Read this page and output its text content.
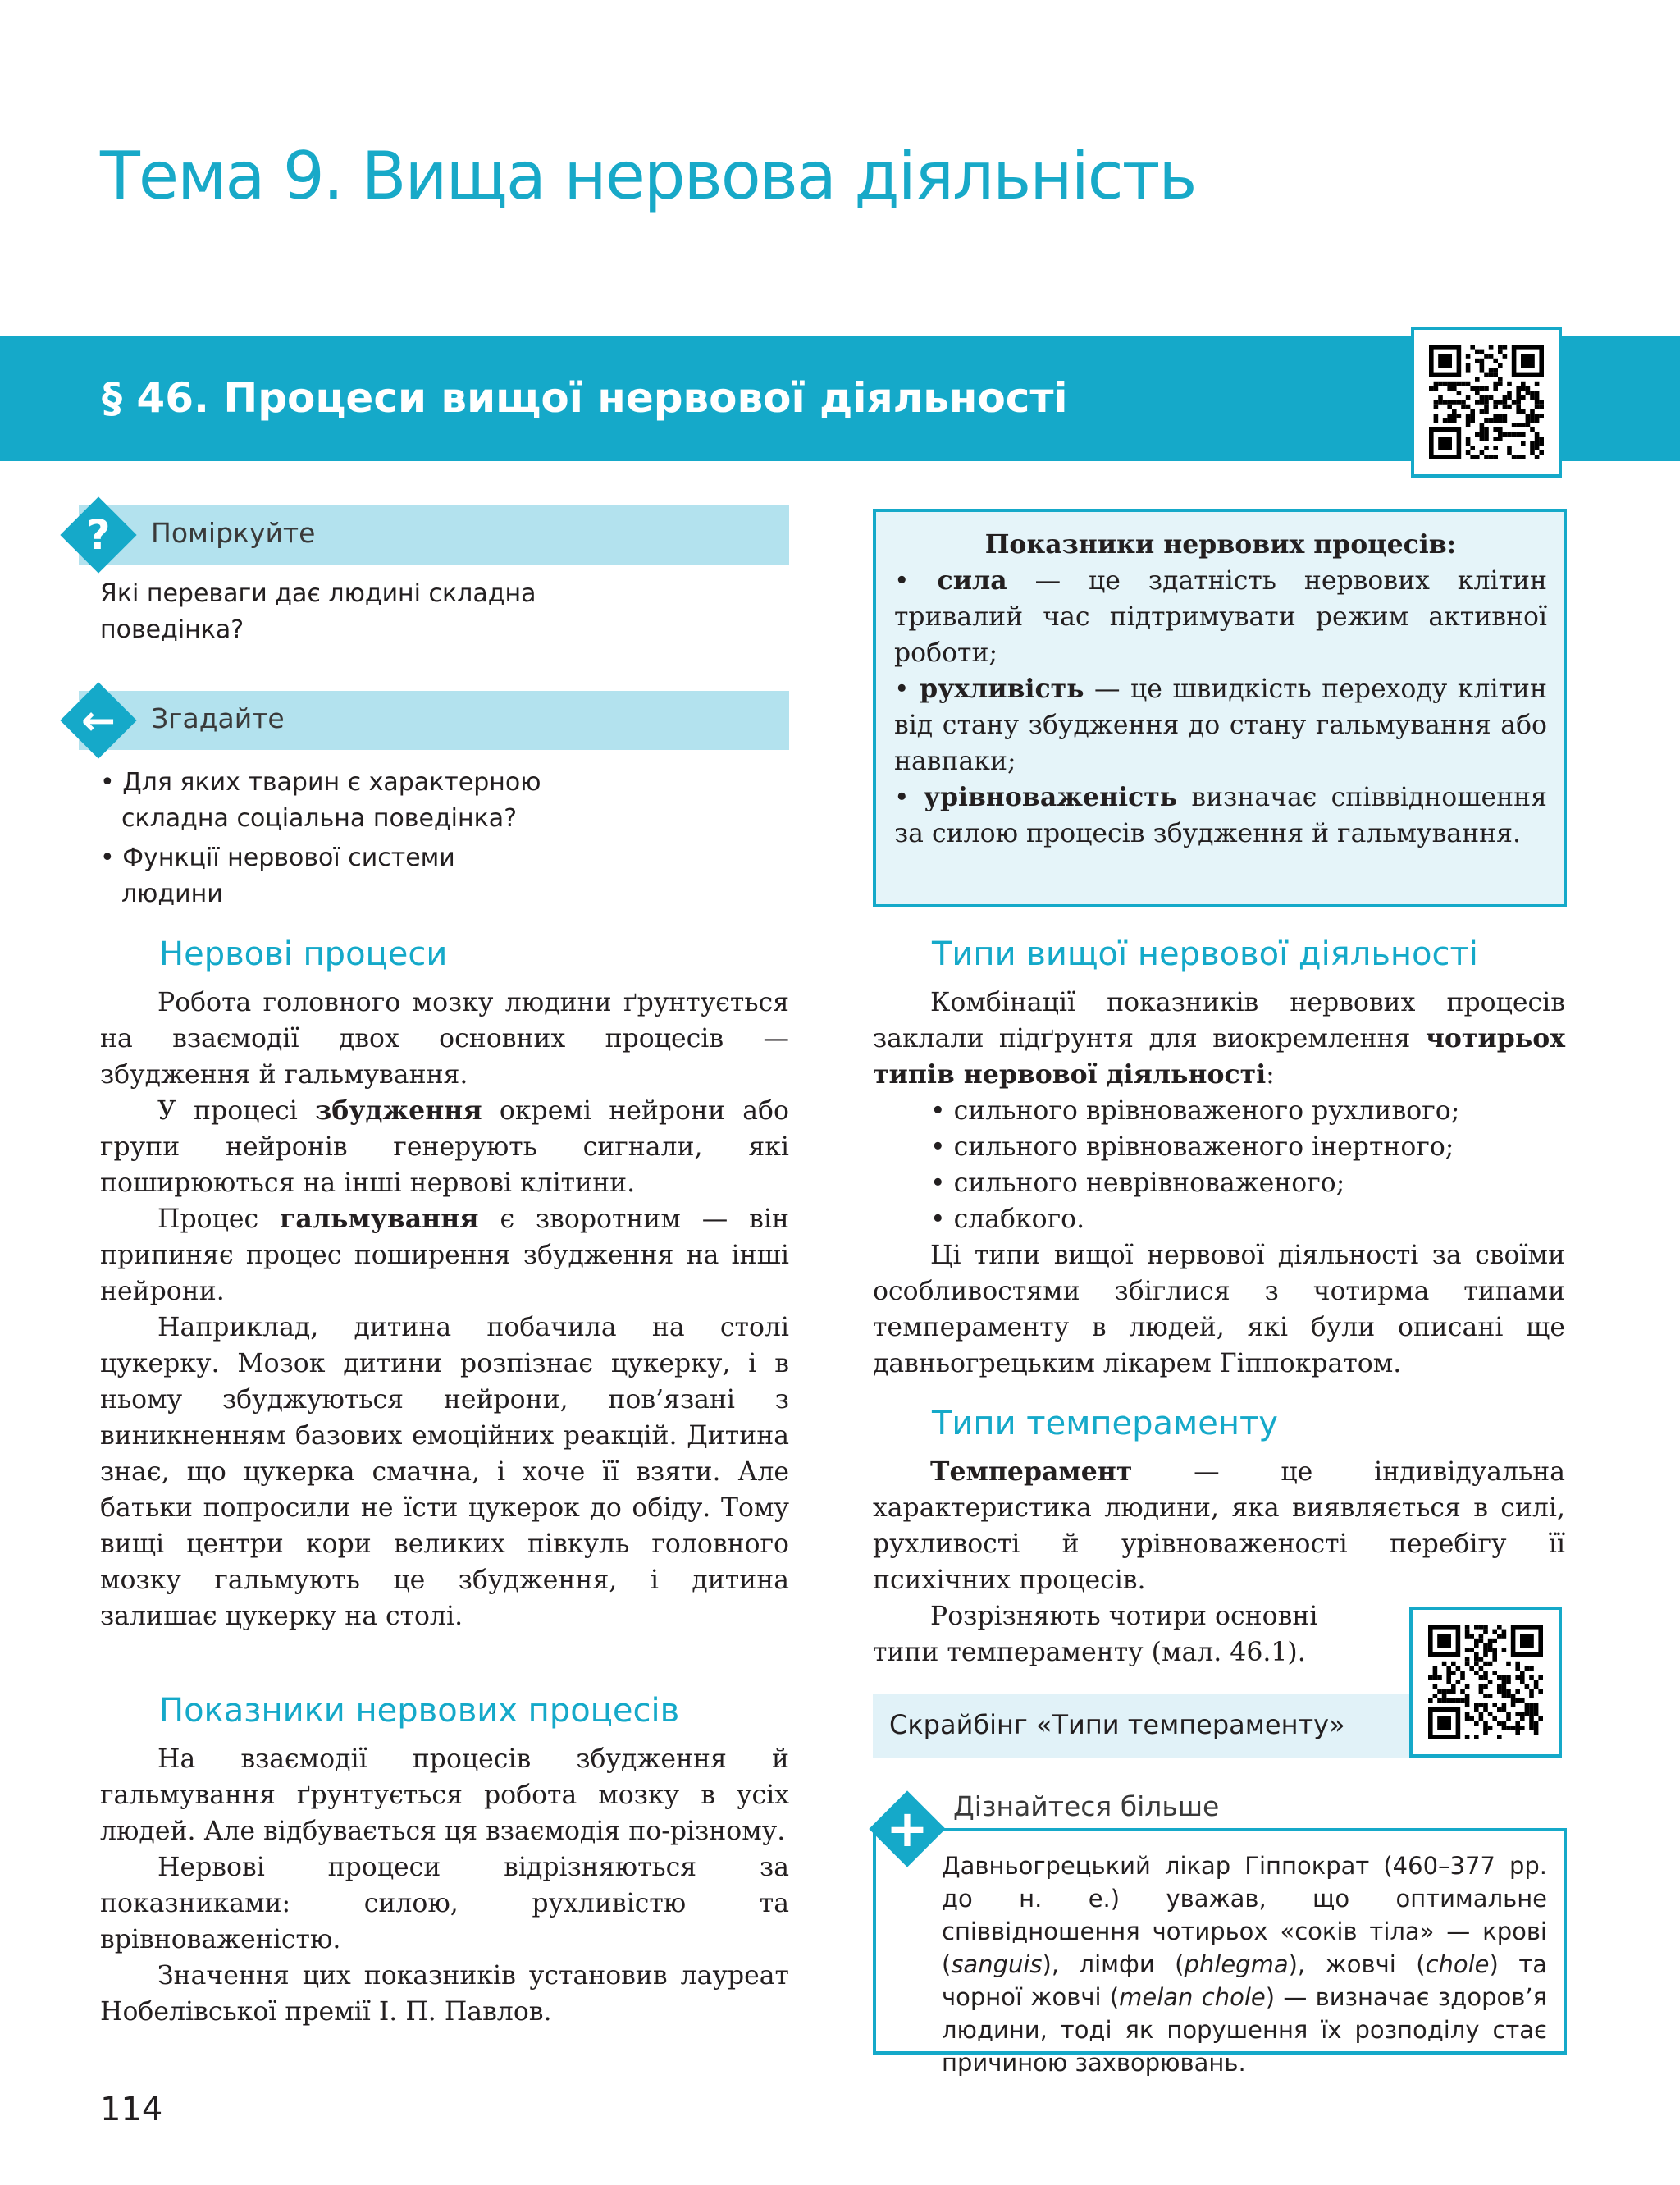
Тема 9. Вища нервова діяльність
§ 46. Процеси вищої нервової діяльності
?	Поміркуйте
Які переваги дає людині складна поведінка?
←	Згадайте
• Для яких тварин є характерною складна соціальна поведінка?
• Функції нервової системи людини

Показники нервових процесів:

• сила — це здатність нервових клітин тривалий час підтримувати режим активної роботи;

• рухливість — це швидкість переходу клітин від стану збудження до стану гальмування або навпаки;

• урівноваженість визначає співвідношення за силою процесів збудження й гальмування.

Нервові процеси

Робота головного мозку людини ґрунтується на взаємодії двох основних процесів — збудження й гальмування.

У процесі збудження окремі нейрони або групи нейронів генерують сигнали, які поширюються на інші нервові клітини.

Процес гальмування є зворотним — він припиняє процес поширення збудження на інші нейрони.

Наприклад, дитина побачила на столі цукерку. Мозок дитини розпізнає цукерку, і в ньому збуджуються нейрони, пов’язані з виникненням базових емоційних реакцій. Дитина знає, що цукерка смачна, і хоче її взяти. Але батьки попросили не їсти цукерок до обіду. Тому вищі центри кори великих півкуль головного мозку гальмують це збудження, і дитина залишає цукерку на столі.

Показники нервових процесів

На взаємодії процесів збудження й гальмування ґрунтується робота мозку в усіх людей. Але відбувається ця взаємодія по-різному.

Нервові процеси відрізняються за показниками: силою, рухливістю та врівноваженістю.

Значення цих показників установив лауреат Нобелівської премії І. П. Павлов.

Типи вищої нервової діяльності

Комбінації показників нервових процесів заклали підґрунтя для виокремлення чотирьох типів нервової діяльності:

• сильного врівноваженого рухливого;
• сильного врівноваженого інертного;
• сильного неврівноваженого;
• слабкого.

Ці типи вищої нервової діяльності за своїми особливостями збіглися з чотирма типами темпераменту в людей, які були описані ще давньогрецьким лікарем Гіппократом.

Типи темпераменту

Темперамент — це індивідуальна характеристика людини, яка виявляється в силі, рухливості й урівноваженості перебігу її психічних процесів.

Розрізняють чотири основні
типи темпераменту (мал. 46.1).
Скрайбінг «Типи темпераменту»
Дізнайтеся більше
Давньогрецький лікар Гіппократ (460–377 рр. до н. е.) уважав, що оптимальне співвідношення чотирьох «соків тіла» — крові (sanguis), лімфи (phlegma), жовчі (chole) та чорної жовчі (melan chole) — визначає здоров’я людини, тоді як порушення їх розподілу стає причиною захворювань.
+
114
